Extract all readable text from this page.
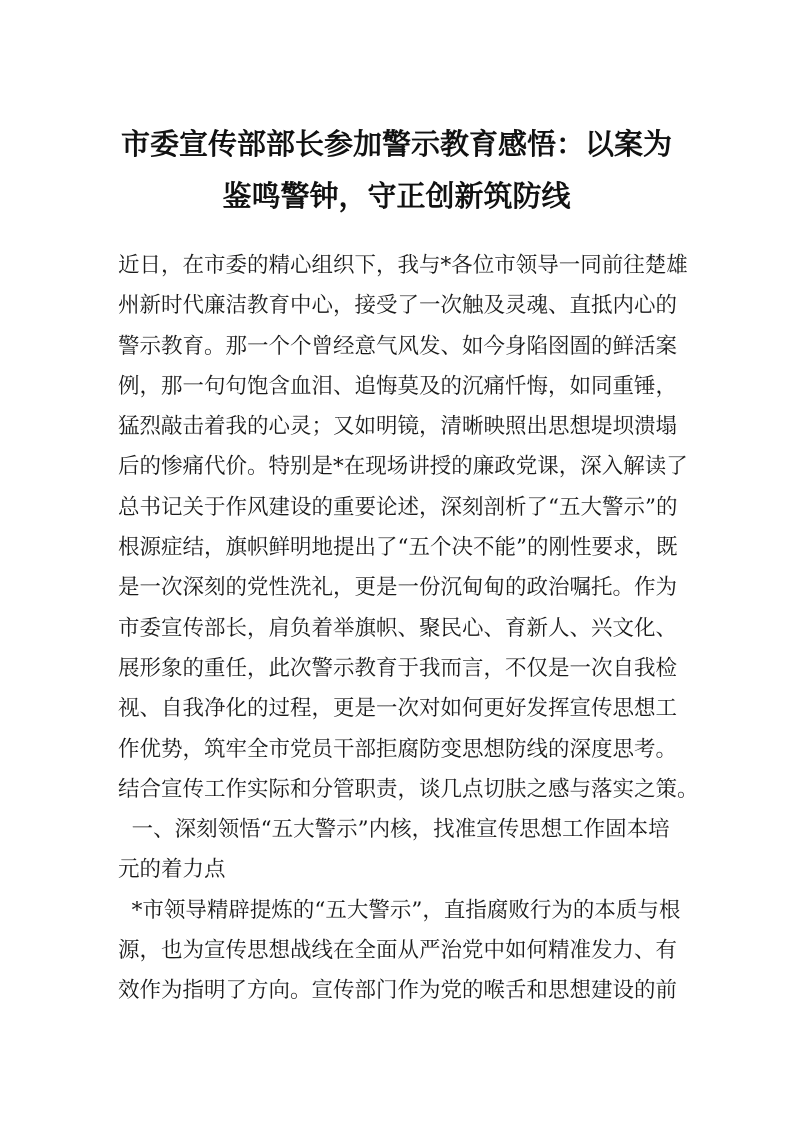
市委宣传部部长参加警示教育感悟：以案为
鉴鸣警钟，守正创新筑防线
近日，在市委的精心组织下，我与*各位市领导一同前往楚雄
州新时代廉洁教育中心，接受了一次触及灵魂、直抵内心的
警示教育。那一个个曾经意气风发、如今身陷囹圄的鲜活案
例，那一句句饱含血泪、追悔莫及的沉痛忏悔，如同重锤，
猛烈敲击着我的心灵；又如明镜，清晰映照出思想堤坝溃塌
后的惨痛代价。特别是*在现场讲授的廉政党课，深入解读了
总书记关于作风建设的重要论述，深刻剖析了“五大警示”的
根源症结，旗帜鲜明地提出了“五个决不能”的刚性要求，既
是一次深刻的党性洗礼，更是一份沉甸甸的政治嘱托。作为
市委宣传部长，肩负着举旗帜、聚民心、育新人、兴文化、
展形象的重任，此次警示教育于我而言，不仅是一次自我检
视、自我净化的过程，更是一次对如何更好发挥宣传思想工
作优势，筑牢全市党员干部拒腐防变思想防线的深度思考。
结合宣传工作实际和分管职责，谈几点切肤之感与落实之策。
一、深刻领悟“五大警示”内核，找准宣传思想工作固本培
元的着力点
*市领导精辟提炼的“五大警示”，直指腐败行为的本质与根
源，也为宣传思想战线在全面从严治党中如何精准发力、有
效作为指明了方向。宣传部门作为党的喉舌和思想建设的前
